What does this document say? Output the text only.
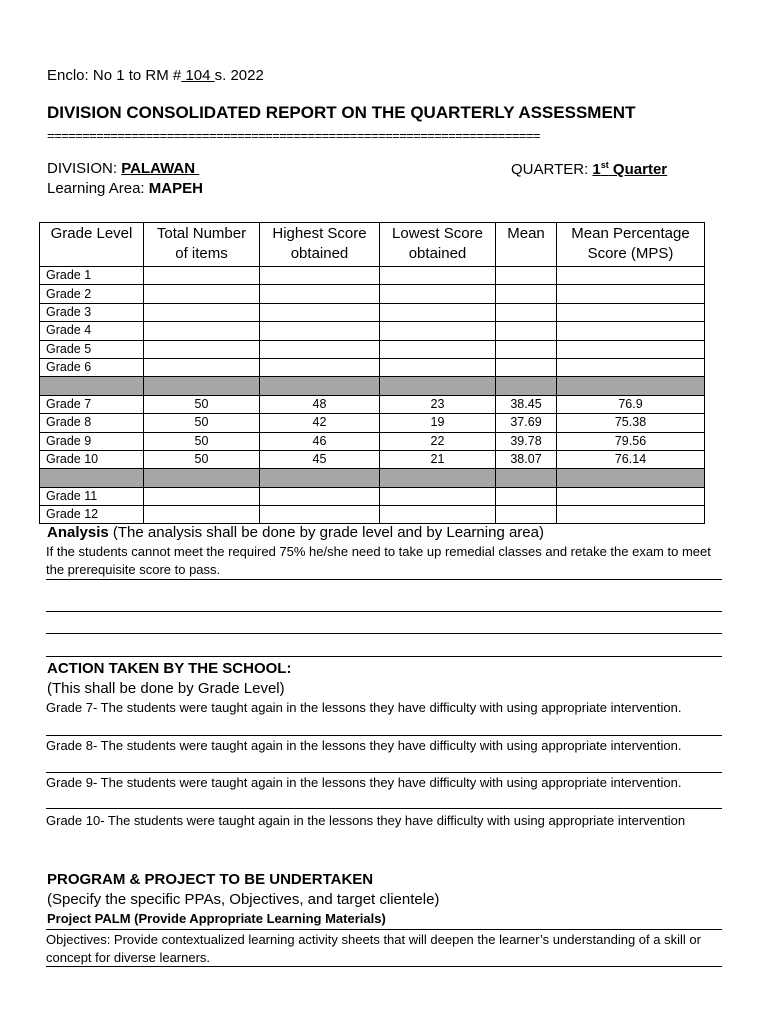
Enclo: No 1 to RM # 104 s. 2022
DIVISION CONSOLIDATED REPORT ON THE QUARTERLY ASSESSMENT
======================================================================
DIVISION: PALAWAN	QUARTER: 1st Quarter
Learning Area: MAPEH
Grade Level	Total Number of items	Highest Score obtained	Lowest Score obtained	Mean	Mean Percentage Score (MPS)
Grade 1					
Grade 2					
Grade 3					
Grade 4					
Grade 5					
Grade 6					

Grade 7	50	48	23	38.45	76.9
Grade 8	50	42	19	37.69	75.38
Grade 9	50	46	22	39.78	79.56
Grade 10	50	45	21	38.07	76.14

Grade 11					
Grade 12					
Analysis (The analysis shall be done by grade level and by Learning area)
If the students cannot meet the required 75% he/she need to take up remedial classes and retake the exam to meet the prerequisite score to pass.
ACTION TAKEN BY THE SCHOOL:
(This shall be done by Grade Level)
Grade 7- The students were taught again in the lessons they have difficulty with using appropriate intervention.
Grade 8- The students were taught again in the lessons they have difficulty with using appropriate intervention.
Grade 9- The students were taught again in the lessons they have difficulty with using appropriate intervention.
Grade 10- The students were taught again in the lessons they have difficulty with using appropriate intervention
PROGRAM & PROJECT TO BE UNDERTAKEN
(Specify the specific PPAs, Objectives, and target clientele)
Project PALM (Provide Appropriate Learning Materials)
Objectives: Provide contextualized learning activity sheets that will deepen the learner’s understanding of a skill or concept for diverse learners.
